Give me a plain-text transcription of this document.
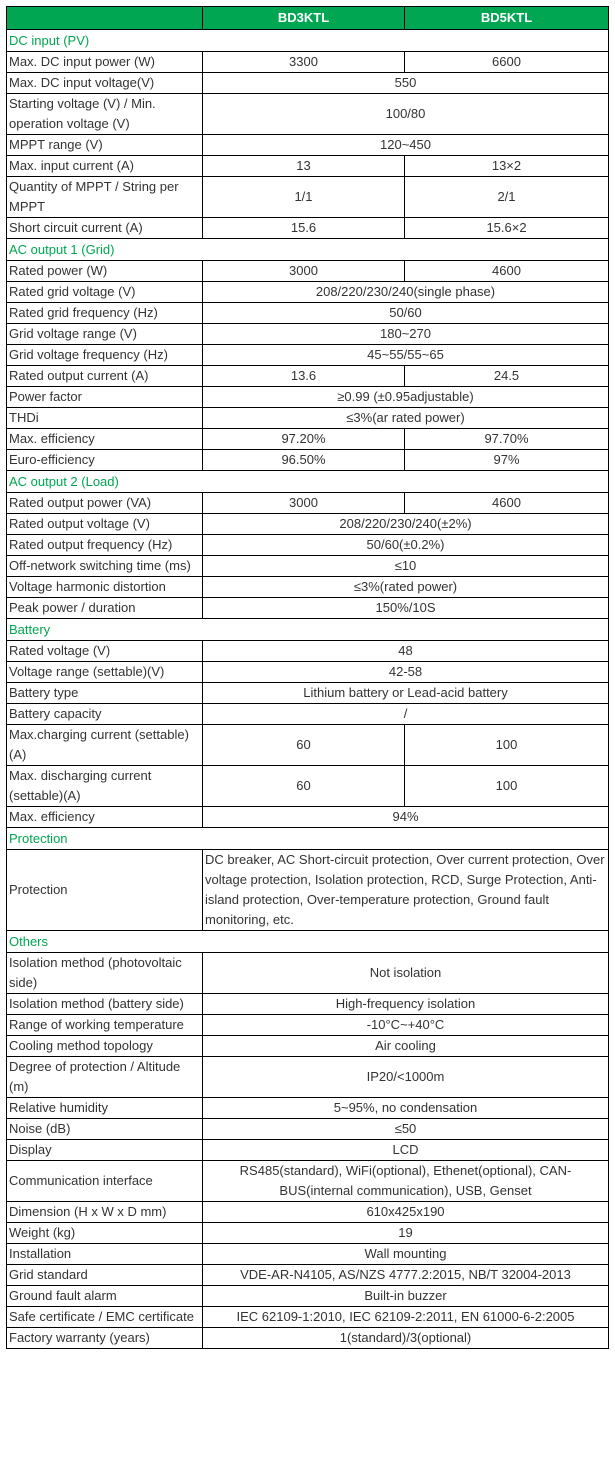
	BD3KTL	BD5KTL
DC input (PV)		
Max. DC input power (W)	3300	6600
Max. DC input voltage(V)	550	
Starting voltage (V) / Min. operation voltage (V)	100/80	
MPPT range (V)	120~450	
Max. input current (A)	13	13×2
Quantity of MPPT / String per MPPT	1/1	2/1
Short circuit current (A)	15.6	15.6×2
AC output 1 (Grid)		
Rated power (W)	3000	4600
Rated grid voltage (V)	208/220/230/240(single phase)	
Rated grid frequency (Hz)	50/60	
Grid voltage range (V)	180~270	
Grid voltage frequency (Hz)	45~55/55~65	
Rated output current (A)	13.6	24.5
Power factor	≥0.99 (±0.95adjustable)	
THDi	≤3%(ar rated power)	
Max. efficiency	97.20%	97.70%
Euro-efficiency	96.50%	97%
AC output 2 (Load)		
Rated output power (VA)	3000	4600
Rated output voltage (V)	208/220/230/240(±2%)	
Rated output frequency (Hz)	50/60(±0.2%)	
Off-network switching time (ms)	≤10	
Voltage harmonic distortion	≤3%(rated power)	
Peak power / duration	150%/10S	
Battery		
Rated voltage (V)	48	
Voltage range (settable)(V)	42-58	
Battery type	Lithium battery or Lead-acid battery	
Battery capacity	/	
Max.charging current (settable)(A)	60	100
Max. discharging current (settable)(A)	60	100
Max. efficiency	94%	
Protection		
Protection	DC breaker, AC Short-circuit protection, Over current protection, Over voltage protection, Isolation protection, RCD, Surge Protection, Anti-island protection, Over-temperature protection, Ground fault monitoring, etc.	
Others		
Isolation method (photovoltaic side)	Not isolation	
Isolation method (battery side)	High-frequency isolation	
Range of working temperature	-10°C~+40°C	
Cooling method topology	Air cooling	
Degree of protection / Altitude (m)	IP20/<1000m	
Relative humidity	5~95%, no condensation	
Noise (dB)	≤50	
Display	LCD	
Communication interface	RS485(standard), WiFi(optional), Ethenet(optional), CAN-BUS(internal communication), USB, Genset	
Dimension (H x W x D mm)	610x425x190	
Weight (kg)	19	
Installation	Wall mounting	
Grid standard	VDE-AR-N4105, AS/NZS 4777.2:2015, NB/T 32004-2013	
Ground fault alarm	Built-in buzzer	
Safe certificate / EMC certificate	IEC 62109-1:2010, IEC 62109-2:2011, EN 61000-6-2:2005	
Factory warranty (years)	1(standard)/3(optional)	
